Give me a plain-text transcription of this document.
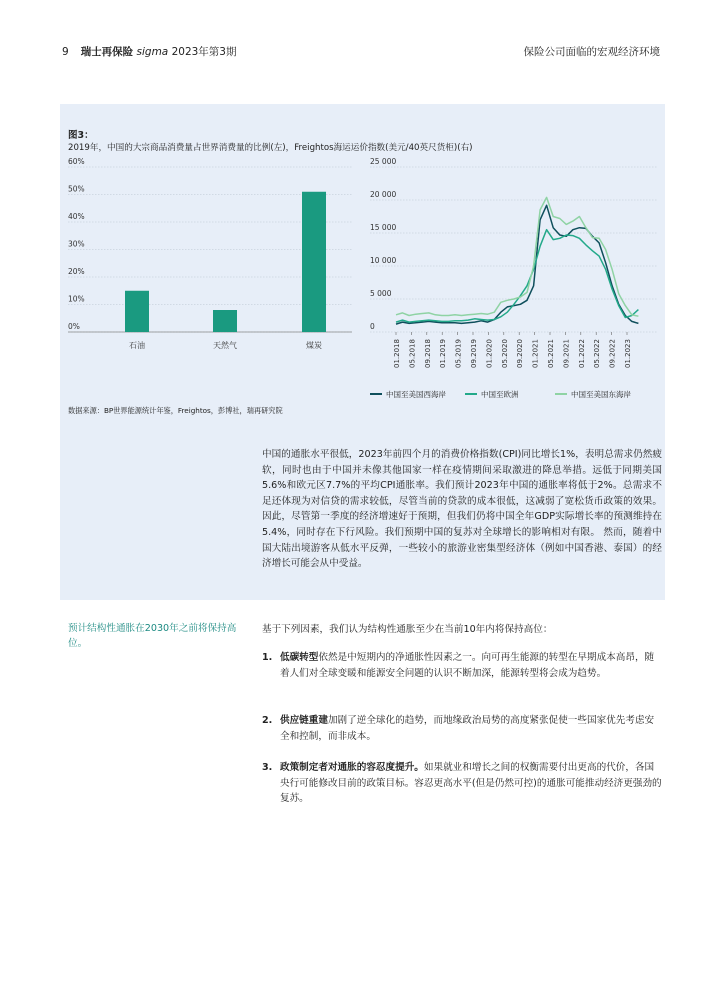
9 瑞士再保险 sigma 2023年第3期	保险公司面临的宏观经济环境
图3：
2019年，中国的大宗商品消费量占世界消费量的比例(左)，Freightos海运运价指数(美元/40英尺货柜)(右)
0%
10%
20%
30%
40%
50%
60%
石油	天然气	煤炭
0
5 000
10 000
15 000
20 000
25 000
01.2018 05.2018 09.2018 01.2019 05.2019 09.2019 01.2020 05.2020 09.2020 01.2021 05.2021 09.2021 01.2022 05.2022 09.2022 01.2023
中国至美国西海岸	中国至欧洲	中国至美国东海岸
数据来源：BP世界能源统计年鉴，Freightos，彭博社，瑞再研究院
中国的通胀水平很低，2023年前四个月的消费价格指数(CPI)同比增长1%，表明总需求仍然疲软，同时也由于中国并未像其他国家一样在疫情期间采取激进的降息举措。远低于同期美国5.6%和欧元区7.7%的平均CPI通胀率。我们预计2023年中国的通胀率将低于2%。总需求不足还体现为对信贷的需求较低，尽管当前的贷款的成本很低，这减弱了宽松货币政策的效果。因此，尽管第一季度的经济增速好于预期，但我们仍将中国全年GDP实际增长率的预测维持在5.4%，同时存在下行风险。我们预期中国的复苏对全球增长的影响相对有限。 然而，随着中国大陆出境游客从低水平反弹，一些较小的旅游业密集型经济体（例如中国香港、泰国）的经济增长可能会从中受益。
预计结构性通胀在2030年之前将保持高位。
基于下列因素，我们认为结构性通胀至少在当前10年内将保持高位：
1. 低碳转型依然是中短期内的净通胀性因素之一。向可再生能源的转型在早期成本高昂，随着人们对全球变暖和能源安全问题的认识不断加深，能源转型将会成为趋势。
2. 供应链重建加剧了逆全球化的趋势，而地缘政治局势的高度紧张促使一些国家优先考虑安全和控制，而非成本。
3. 政策制定者对通胀的容忍度提升。如果就业和增长之间的权衡需要付出更高的代价，各国央行可能修改目前的政策目标。容忍更高水平(但是仍然可控)的通胀可能推动经济更强劲的复苏。
